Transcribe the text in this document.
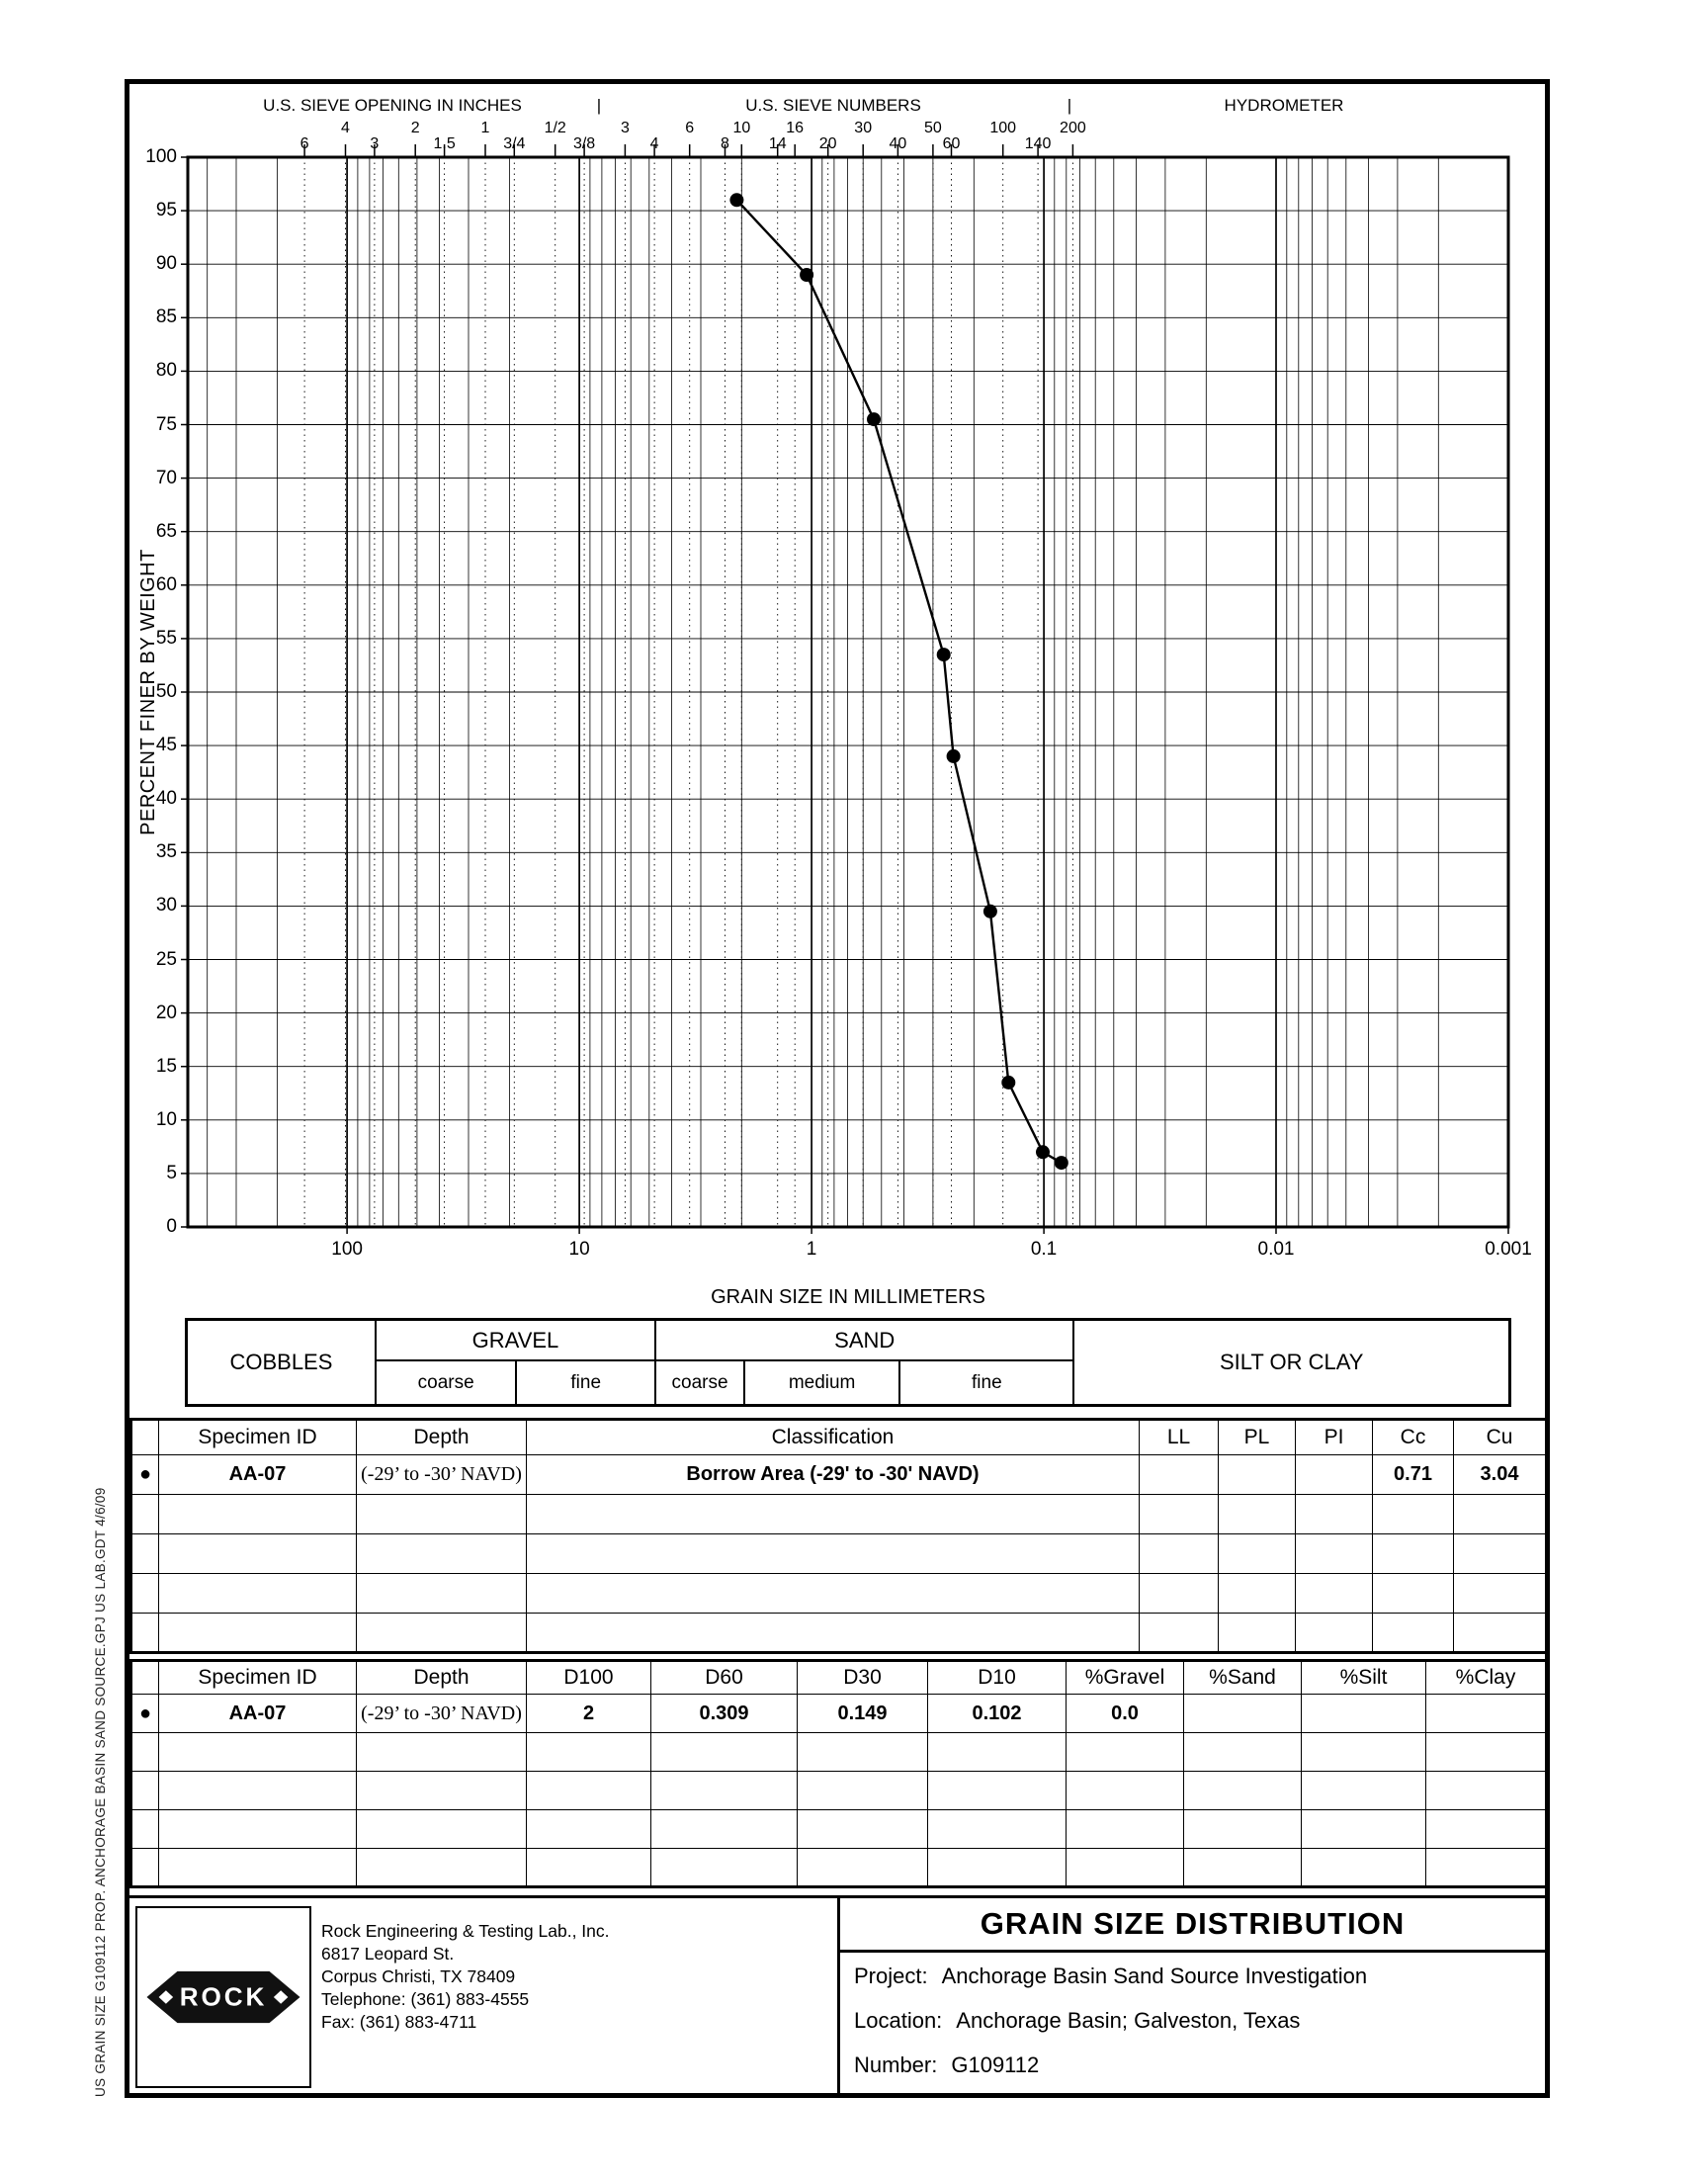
US GRAIN SIZE G109112 PROP. ANCHORAGE BASIN SAND SOURCE.GPJ US LAB.GDT 4/6/09
U.S. SIEVE OPENING IN INCHES	|	U.S. SIEVE NUMBERS	|	HYDROMETER
PERCENT FINER BY WEIGHT
GRAIN SIZE IN MILLIMETERS
0
5
10
15
20
25
30
35
40
45
50
55
60
65
70
75
80
85
90
95
100
100	10	1	0.1	0.01	0.001
6
4
3
2
1.5
1
3/4
1/2
3/8
3
4
6
8
10
14
16
20
30
40
50
60
100
140
200
COBBLES
GRAVEL
coarse	fine
SAND
coarse	medium	fine
SILT OR CLAY
	Specimen ID	Depth	Classification	LL	PL	PI	Cc	Cu
●	AA-07	(-29’ to -30’ NAVD)	Borrow Area (-29' to -30' NAVD)				0.71	3.04

	Specimen ID	Depth	D100	D60	D30	D10	%Gravel	%Sand	%Silt	%Clay
●	AA-07	(-29’ to -30’ NAVD)	2	0.309	0.149	0.102	0.0			

ROCK
Rock Engineering & Testing Lab., Inc.
6817 Leopard St.
Corpus Christi, TX 78409
Telephone: (361) 883-4555
Fax: (361) 883-4711
GRAIN SIZE DISTRIBUTION
Project: Anchorage Basin Sand Source Investigation
Location: Anchorage Basin; Galveston, Texas
Number: G109112
